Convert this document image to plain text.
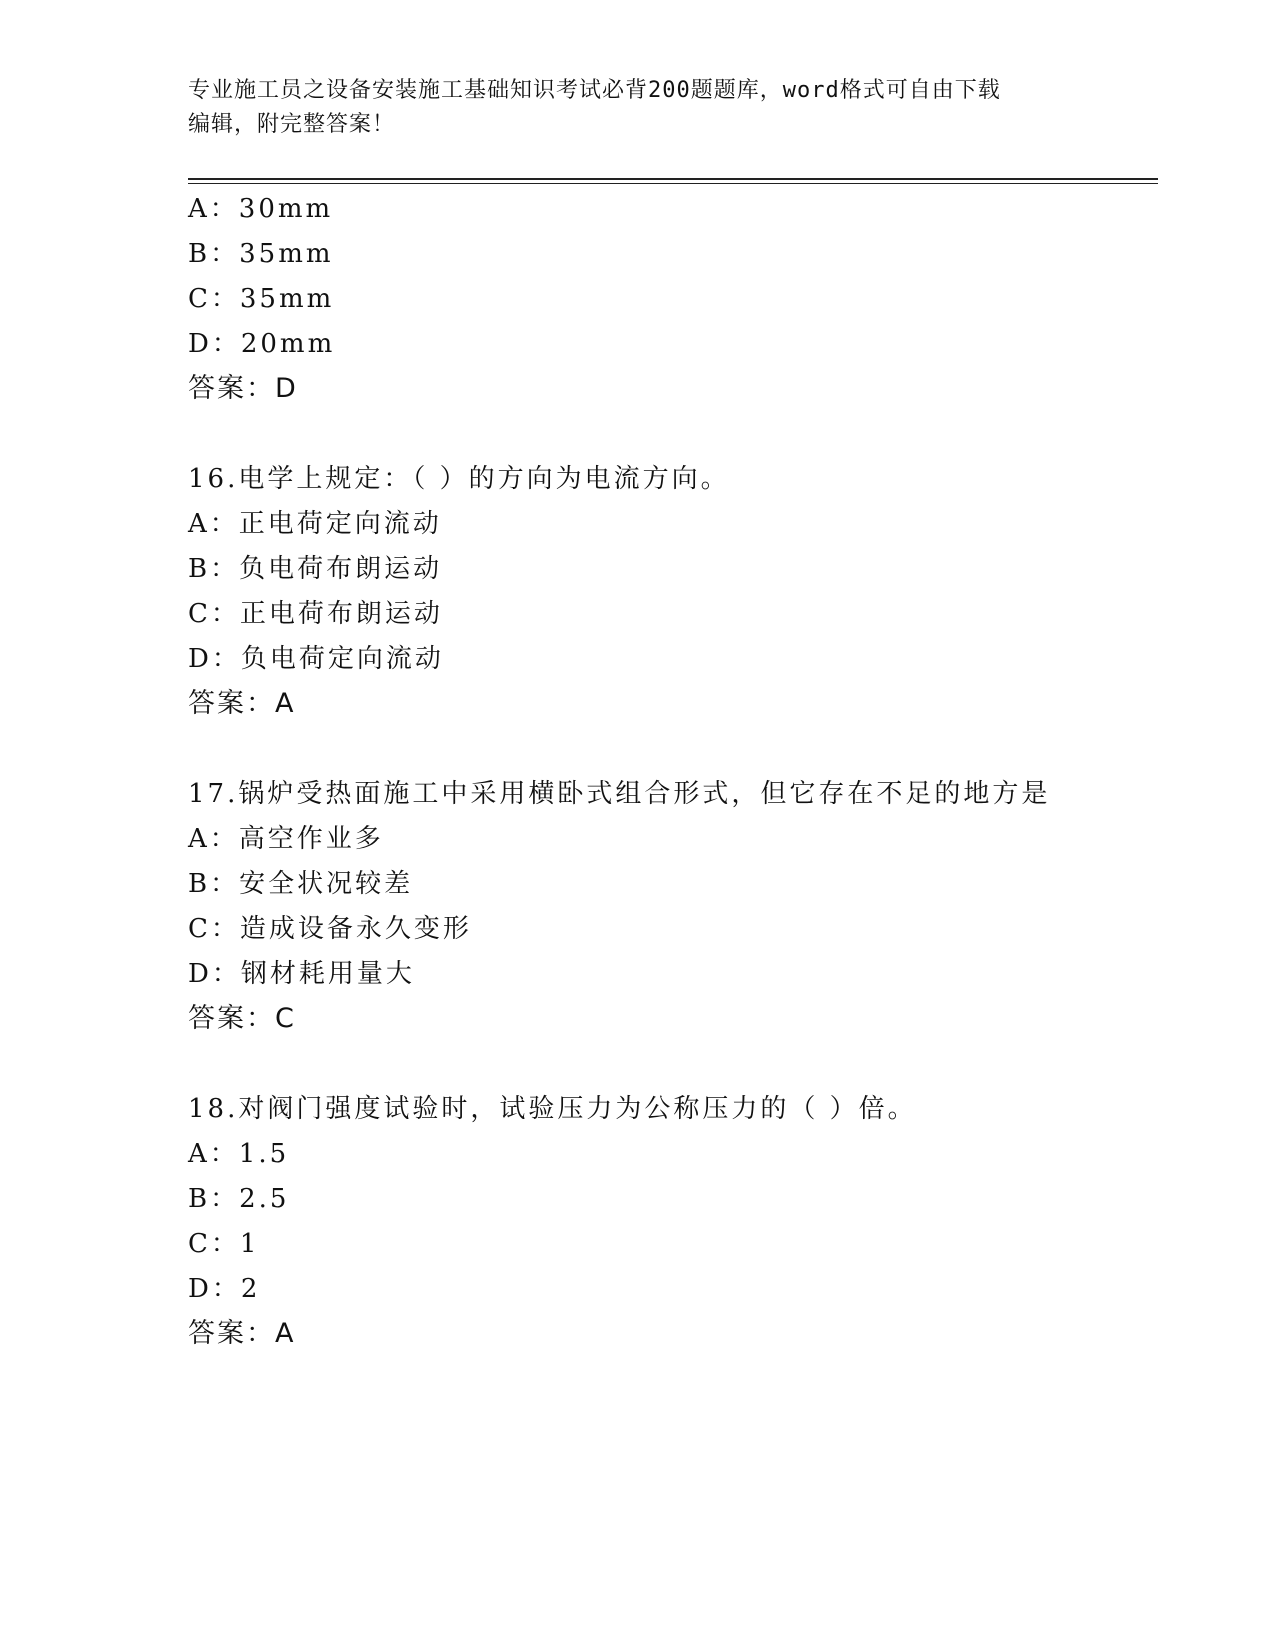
专业施工员之设备安装施工基础知识考试必背200题题库，word格式可自由下载
编辑，附完整答案！
A：30mm
B：35mm
C：35mm
D：20mm
答案：D
16.电学上规定：（ ）的方向为电流方向。
A：正电荷定向流动
B：负电荷布朗运动
C：正电荷布朗运动
D：负电荷定向流动
答案：A
17.锅炉受热面施工中采用横卧式组合形式，但它存在不足的地方是
A：高空作业多
B：安全状况较差
C：造成设备永久变形
D：钢材耗用量大
答案：C
18.对阀门强度试验时，试验压力为公称压力的（ ）倍。
A：1.5
B：2.5
C：1
D：2
答案：A
